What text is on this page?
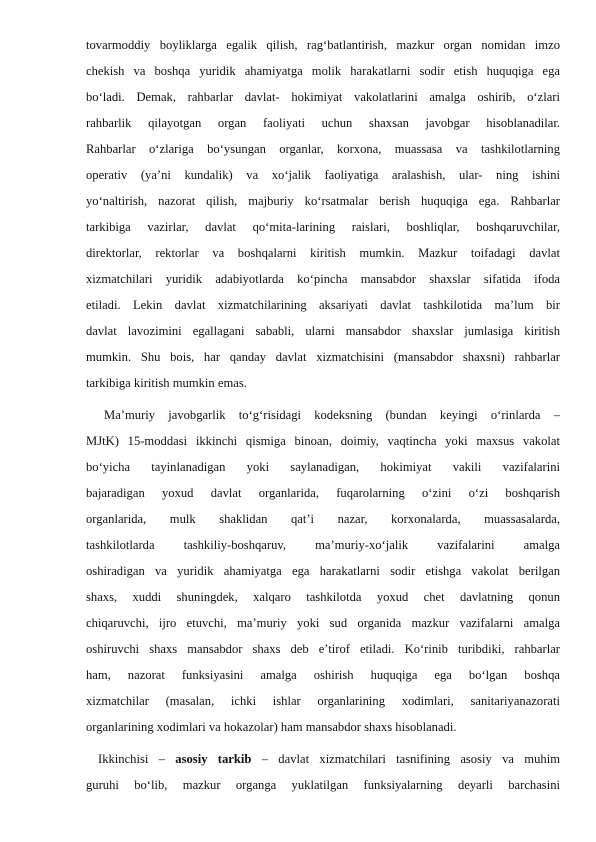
tovarmoddiy boyliklarga egalik qilish, rag‘batlantirish, mazkur organ nomidan imzo
chekish va boshqa yuridik ahamiyatga molik harakatlarni sodir etish huquqiga ega
bo‘ladi. Demak, rahbarlar davlat- hokimiyat vakolatlarini amalga oshirib, o‘zlari
rahbarlik qilayotgan organ faoliyati uchun shaxsan javobgar hisoblanadilar.
Rahbarlar o‘zlariga bo‘ysungan organlar, korxona, muassasa va tashkilotlarning
operativ (ya’ni kundalik) va xo‘jalik faoliyatiga aralashish, ular- ning ishini
yo‘naltirish, nazorat qilish, majburiy ko‘rsatmalar berish huquqiga ega. Rahbarlar
tarkibiga vazirlar, davlat qo‘mita-larining raislari, boshliqlar, boshqaruvchilar,
direktorlar, rektorlar va boshqalarni kiritish mumkin. Mazkur toifadagi davlat
xizmatchilari yuridik adabiyotlarda ko‘pincha mansabdor shaxslar sifatida ifoda
etiladi. Lekin davlat xizmatchilarining aksariyati davlat tashkilotida ma’lum bir
davlat lavozimini egallagani sababli, ularni mansabdor shaxslar jumlasiga kiritish
mumkin. Shu bois, har qanday davlat xizmatchisini (mansabdor shaxsni) rahbarlar
tarkibiga kiritish mumkin emas.
Ma’muriy javobgarlik to‘g‘risidagi kodeksning (bundan keyingi o‘rinlarda –
MJtK) 15-moddasi ikkinchi qismiga binoan, doimiy, vaqtincha yoki maxsus vakolat
bo‘yicha tayinlanadigan yoki saylanadigan, hokimiyat vakili vazifalarini
bajaradigan yoxud davlat organlarida, fuqarolarning o‘zini o‘zi boshqarish
organlarida, mulk shaklidan qat’i nazar, korxonalarda, muassasalarda,
tashkilotlarda tashkiliy-boshqaruv, ma’muriy-xo‘jalik vazifalarini amalga
oshiradigan va yuridik ahamiyatga ega harakatlarni sodir etishga vakolat berilgan
shaxs, xuddi shuningdek, xalqaro tashkilotda yoxud chet davlatning qonun
chiqaruvchi, ijro etuvchi, ma’muriy yoki sud organida mazkur vazifalarni amalga
oshiruvchi shaxs mansabdor shaxs deb e’tirof etiladi. Ko‘rinib turibdiki, rahbarlar
ham, nazorat funksiyasini amalga oshirish huquqiga ega bo‘lgan boshqa
xizmatchilar (masalan, ichki ishlar organlarining xodimlari, sanitariyanazorati
organlarining xodimlari va hokazolar) ham mansabdor shaxs hisoblanadi.
Ikkinchisi – asosiy tarkib – davlat xizmatchilari tasnifining asosiy va muhim
guruhi bo‘lib, mazkur organga yuklatilgan funksiyalarning deyarli barchasini
